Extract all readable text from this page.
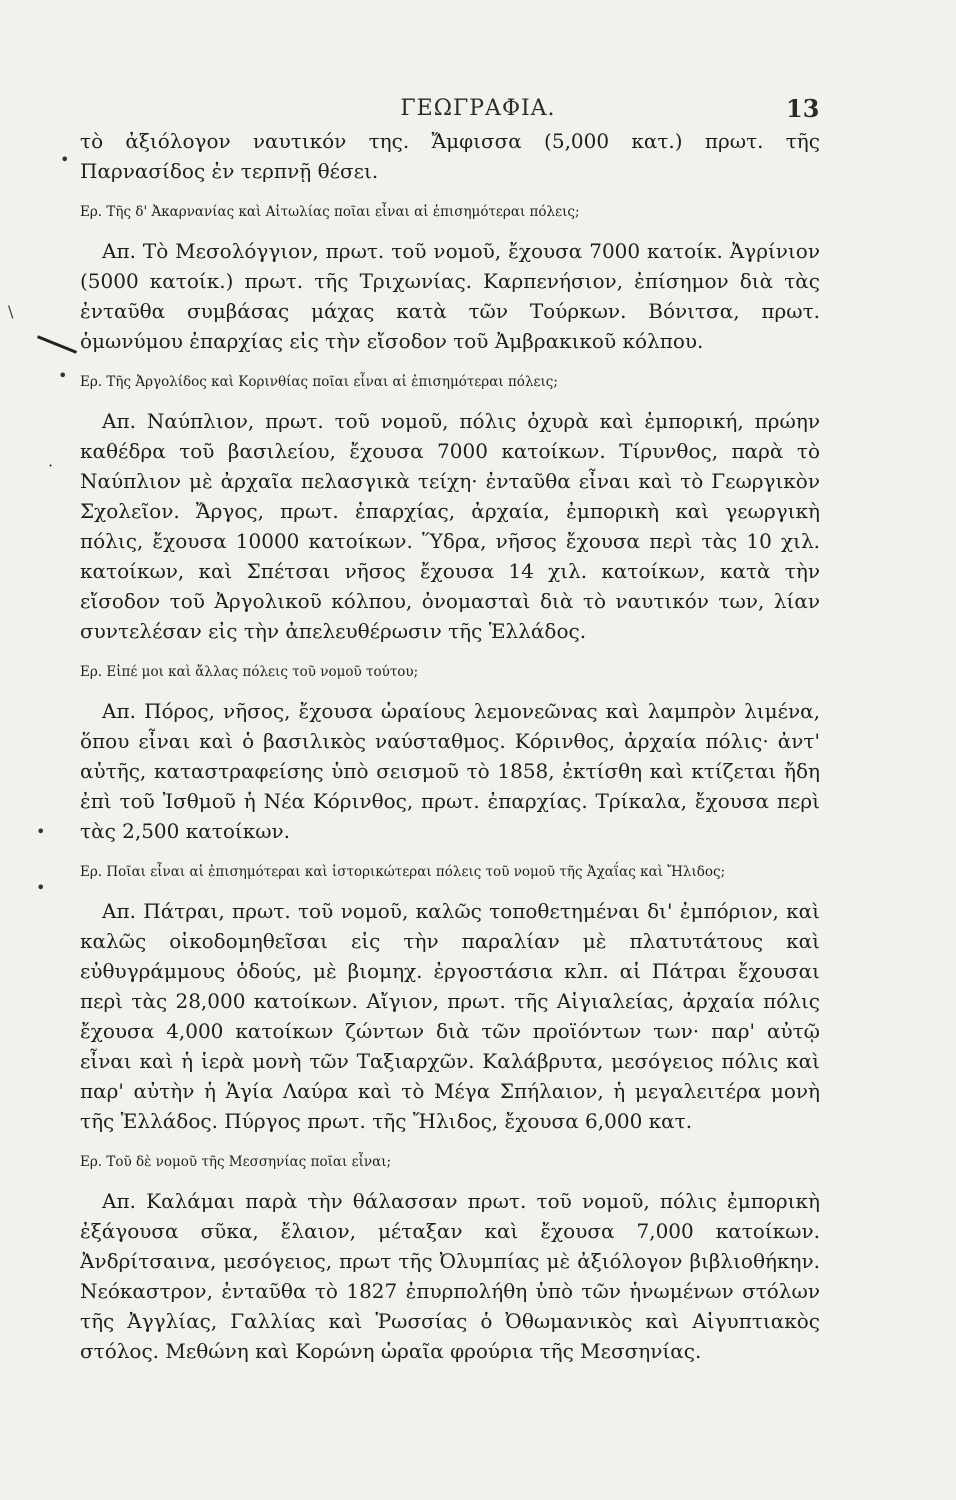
ΓΕΩΓΡΑΦΙΑ.	13
•
\
•
·
•
•

τὸ ἀξιόλογον ναυτικόν της. Ἄμφισσα (5,000 κατ.) πρωτ. τῆς Παρνασίδος ἐν τερπνῇ θέσει.

Ερ. Τῆς δ' Ἀκαρνανίας καὶ Αἰτωλίας ποῖαι εἶναι αἱ ἐπισημότεραι πόλεις;

Απ. Τὸ Μεσολόγγιον, πρωτ. τοῦ νομοῦ, ἔχουσα 7000 κατοίκ. Ἀγρίνιον (5000 κατοίκ.) πρωτ. τῆς Τριχωνίας. Καρπενήσιον, ἐπίσημον διὰ τὰς ἐνταῦθα συμβάσας μάχας κατὰ τῶν Τούρκων. Βόνιτσα, πρωτ. ὁμωνύμου ἐπαρχίας εἰς τὴν εἴσοδον τοῦ Ἀμβρακικοῦ κόλπου.

Ερ. Τῆς Ἀργολίδος καὶ Κορινθίας ποῖαι εἶναι αἱ ἐπισημότεραι πόλεις;

Απ. Ναύπλιον, πρωτ. τοῦ νομοῦ, πόλις ὀχυρὰ καὶ ἐμπορική, πρώην καθέδρα τοῦ βασιλείου, ἔχουσα 7000 κατοίκων. Τίρυνθος, παρὰ τὸ Ναύπλιον μὲ ἀρχαῖα πελασγικὰ τείχη· ἐνταῦθα εἶναι καὶ τὸ Γεωργικὸν Σχολεῖον. Ἄργος, πρωτ. ἐπαρχίας, ἀρχαία, ἐμπορικὴ καὶ γεωργικὴ πόλις, ἔχουσα 10000 κατοίκων. Ὕδρα, νῆσος ἔχουσα περὶ τὰς 10 χιλ. κατοίκων, καὶ Σπέτσαι νῆσος ἔχουσα 14 χιλ. κατοίκων, κατὰ τὴν εἴσοδον τοῦ Ἀργολικοῦ κόλπου, ὀνομασταὶ διὰ τὸ ναυτικόν των, λίαν συντελέσαν εἰς τὴν ἀπελευθέρωσιν τῆς Ἑλλάδος.

Ερ. Εἰπέ μοι καὶ ἄλλας πόλεις τοῦ νομοῦ τούτου;

Απ. Πόρος, νῆσος, ἔχουσα ὡραίους λεμονεῶνας καὶ λαμπρὸν λιμένα, ὅπου εἶναι καὶ ὁ βασιλικὸς ναύσταθμος. Κόρινθος, ἀρχαία πόλις· ἀντ' αὐτῆς, καταστραφείσης ὑπὸ σεισμοῦ τὸ 1858, ἐκτίσθη καὶ κτίζεται ἤδη ἐπὶ τοῦ Ἰσθμοῦ ἡ Νέα Κόρινθος, πρωτ. ἐπαρχίας. Τρίκαλα, ἔχουσα περὶ τὰς 2,500 κατοίκων.

Ερ. Ποῖαι εἶναι αἱ ἐπισημότεραι καὶ ἱστορικώτεραι πόλεις τοῦ νομοῦ τῆς Ἀχαΐας καὶ Ἤλιδος;

Απ. Πάτραι, πρωτ. τοῦ νομοῦ, καλῶς τοποθετημέναι δι' ἐμπόριον, καὶ καλῶς οἰκοδομηθεῖσαι εἰς τὴν παραλίαν μὲ πλατυτάτους καὶ εὐθυγράμμους ὁδούς, μὲ βιομηχ. ἐργοστάσια κλπ. αἱ Πάτραι ἔχουσαι περὶ τὰς 28,000 κατοίκων. Αἴγιον, πρωτ. τῆς Αἰγιαλείας, ἀρχαία πόλις ἔχουσα 4,000 κατοίκων ζώντων διὰ τῶν προϊόντων των· παρ' αὐτῷ εἶναι καὶ ἡ ἱερὰ μονὴ τῶν Ταξιαρχῶν. Καλάβρυτα, μεσόγειος πόλις καὶ παρ' αὐτὴν ἡ Ἁγία Λαύρα καὶ τὸ Μέγα Σπήλαιον, ἡ μεγαλειτέρα μονὴ τῆς Ἑλλάδος. Πύργος πρωτ. τῆς Ἤλιδος, ἔχουσα 6,000 κατ.

Ερ. Τοῦ δὲ νομοῦ τῆς Μεσσηνίας ποῖαι εἶναι;

Απ. Καλάμαι παρὰ τὴν θάλασσαν πρωτ. τοῦ νομοῦ, πόλις ἐμπορικὴ ἐξάγουσα σῦκα, ἔλαιον, μέταξαν καὶ ἔχουσα 7,000 κατοίκων. Ἀνδρίτσαινα, μεσόγειος, πρωτ τῆς Ὀλυμπίας μὲ ἀξιόλογον βιβλιοθήκην. Νεόκαστρον, ἐνταῦθα τὸ 1827 ἐπυρπολήθη ὑπὸ τῶν ἡνωμένων στόλων τῆς Ἀγγλίας, Γαλλίας καὶ Ῥωσσίας ὁ Ὀθωμανικὸς καὶ Αἰγυπτιακὸς στόλος. Μεθώνη καὶ Κορώνη ὡραῖα φρούρια τῆς Μεσσηνίας.
